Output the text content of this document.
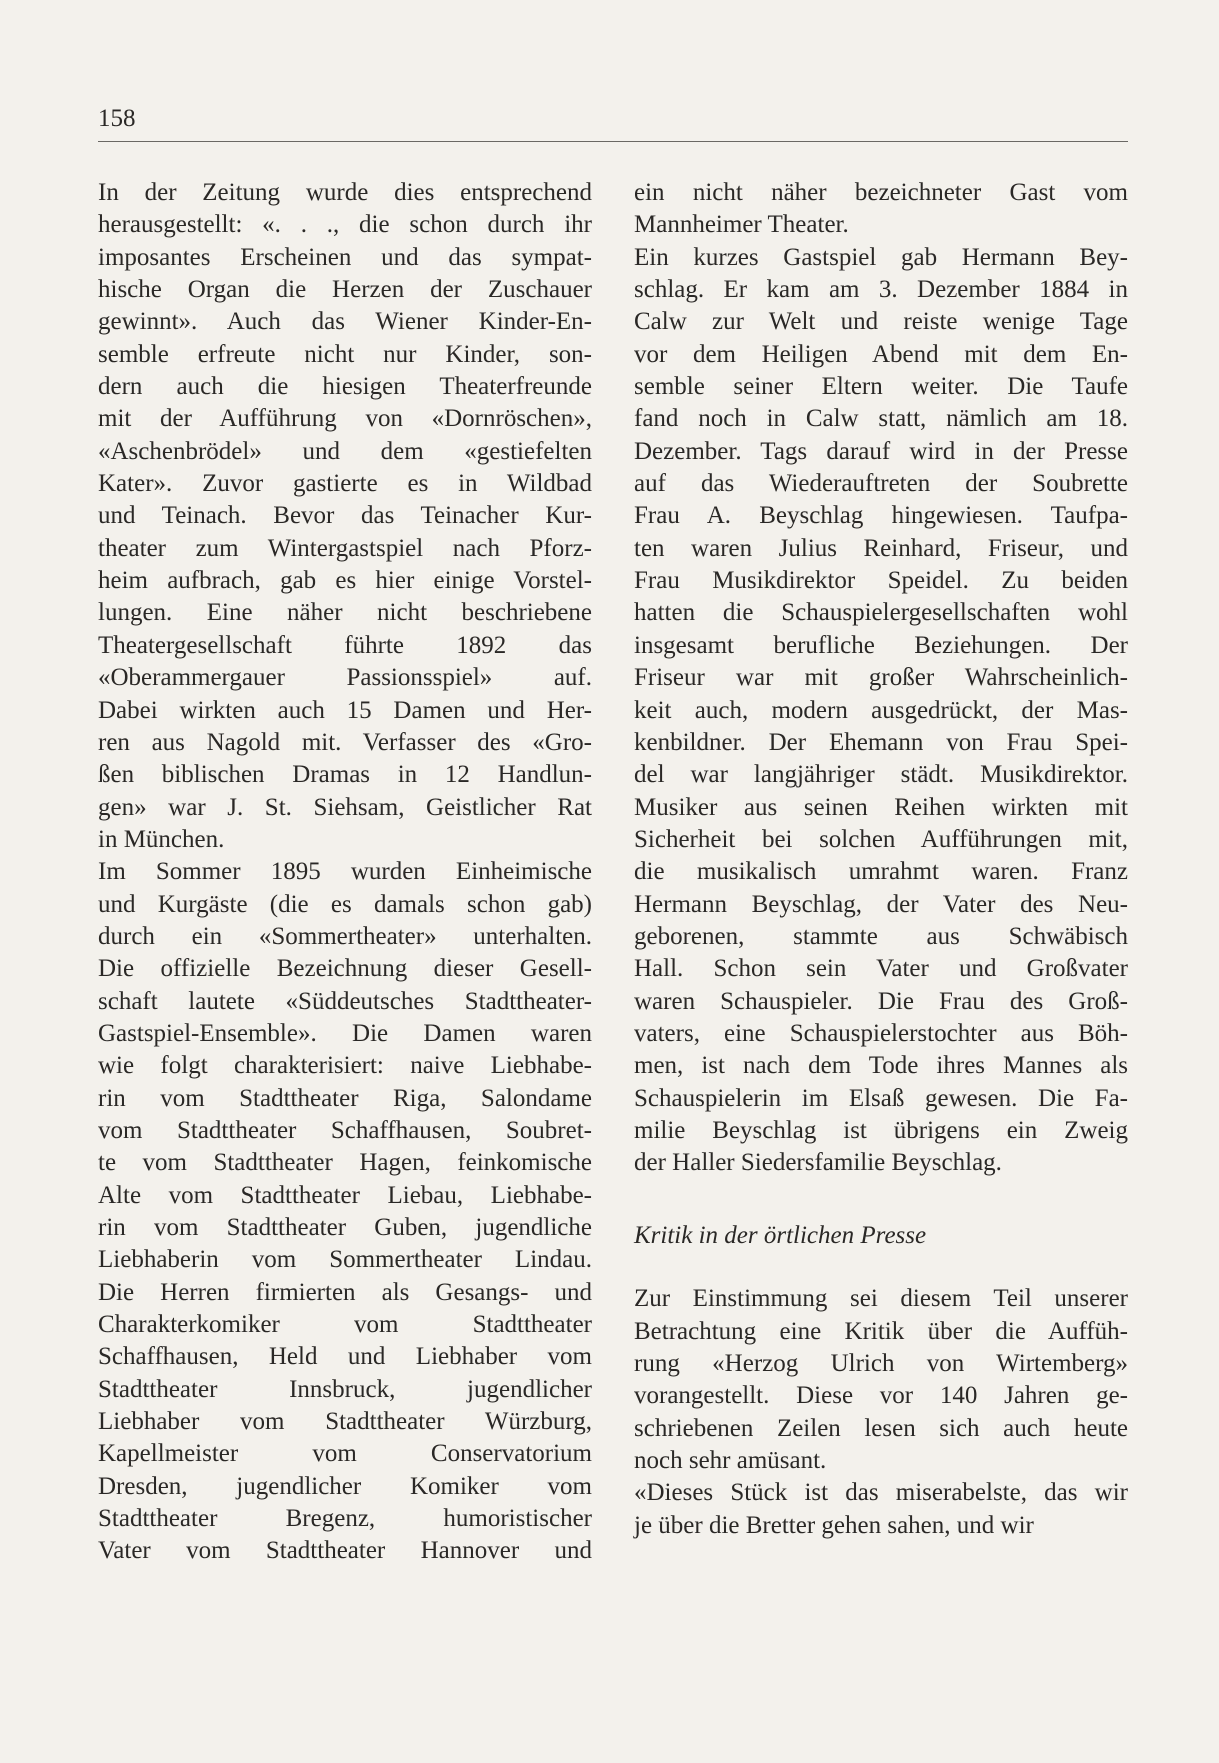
158

In der Zeitung wurde dies entsprechend
herausgestellt: «. . ., die schon durch ihr
imposantes Erscheinen und das sympat-
hische Organ die Herzen der Zuschauer
gewinnt». Auch das Wiener Kinder-En-
semble erfreute nicht nur Kinder, son-
dern auch die hiesigen Theaterfreunde
mit der Aufführung von «Dornröschen»,
«Aschenbrödel» und dem «gestiefelten
Kater». Zuvor gastierte es in Wildbad
und Teinach. Bevor das Teinacher Kur-
theater zum Wintergastspiel nach Pforz-
heim aufbrach, gab es hier einige Vorstel-
lungen. Eine näher nicht beschriebene
Theatergesellschaft führte 1892 das
«Oberammergauer Passionsspiel» auf.
Dabei wirkten auch 15 Damen und Her-
ren aus Nagold mit. Verfasser des «Gro-
ßen biblischen Dramas in 12 Handlun-
gen» war J. St. Siehsam, Geistlicher Rat
in München.
Im Sommer 1895 wurden Einheimische
und Kurgäste (die es damals schon gab)
durch ein «Sommertheater» unterhalten.
Die offizielle Bezeichnung dieser Gesell-
schaft lautete «Süddeutsches Stadttheater-
Gastspiel-Ensemble». Die Damen waren
wie folgt charakterisiert: naive Liebhabe-
rin vom Stadttheater Riga, Salondame
vom Stadttheater Schaffhausen, Soubret-
te vom Stadttheater Hagen, feinkomische
Alte vom Stadttheater Liebau, Liebhabe-
rin vom Stadttheater Guben, jugendliche
Liebhaberin vom Sommertheater Lindau.
Die Herren firmierten als Gesangs- und
Charakterkomiker vom Stadttheater
Schaffhausen, Held und Liebhaber vom
Stadttheater Innsbruck, jugendlicher
Liebhaber vom Stadttheater Würzburg,
Kapellmeister vom Conservatorium
Dresden, jugendlicher Komiker vom
Stadttheater Bregenz, humoristischer
Vater vom Stadttheater Hannover und
ein nicht näher bezeichneter Gast vom
Mannheimer Theater.
Ein kurzes Gastspiel gab Hermann Bey-
schlag. Er kam am 3. Dezember 1884 in
Calw zur Welt und reiste wenige Tage
vor dem Heiligen Abend mit dem En-
semble seiner Eltern weiter. Die Taufe
fand noch in Calw statt, nämlich am 18.
Dezember. Tags darauf wird in der Presse
auf das Wiederauftreten der Soubrette
Frau A. Beyschlag hingewiesen. Taufpa-
ten waren Julius Reinhard, Friseur, und
Frau Musikdirektor Speidel. Zu beiden
hatten die Schauspielergesellschaften wohl
insgesamt berufliche Beziehungen. Der
Friseur war mit großer Wahrscheinlich-
keit auch, modern ausgedrückt, der Mas-
kenbildner. Der Ehemann von Frau Spei-
del war langjähriger städt. Musikdirektor.
Musiker aus seinen Reihen wirkten mit
Sicherheit bei solchen Aufführungen mit,
die musikalisch umrahmt waren. Franz
Hermann Beyschlag, der Vater des Neu-
geborenen, stammte aus Schwäbisch
Hall. Schon sein Vater und Großvater
waren Schauspieler. Die Frau des Groß-
vaters, eine Schauspielerstochter aus Böh-
men, ist nach dem Tode ihres Mannes als
Schauspielerin im Elsaß gewesen. Die Fa-
milie Beyschlag ist übrigens ein Zweig
der Haller Siedersfamilie Beyschlag.
Kritik in der örtlichen Presse
Zur Einstimmung sei diesem Teil unserer
Betrachtung eine Kritik über die Auffüh-
rung «Herzog Ulrich von Wirtemberg»
vorangestellt. Diese vor 140 Jahren ge-
schriebenen Zeilen lesen sich auch heute
noch sehr amüsant.
«Dieses Stück ist das miserabelste, das wir
je über die Bretter gehen sahen, und wir
